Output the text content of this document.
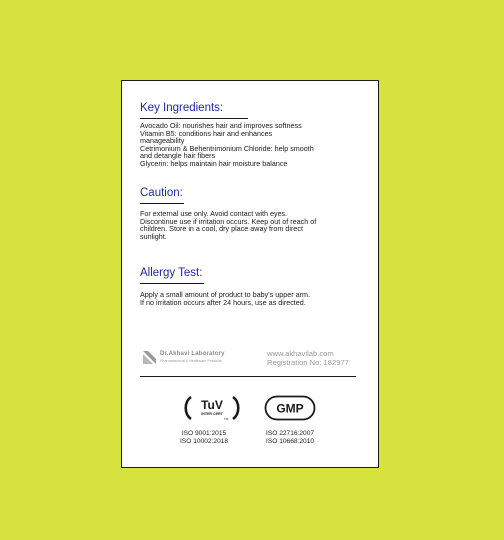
Key Ingredients:
Avocado Oil: nourishes hair and improves softness
Vitamin B5: conditions hair and enhances
manageability
Cetrimonium & Behentrimonium Chloride: help smooth
and detangle hair fibers
Glycerin: helps maintain hair moisture balance
Caution:
For external use only. Avoid contact with eyes.
Discontinue use if irritation occurs. Keep out of reach of
children. Store in a cool, dry place away from direct
sunlight.
Allergy Test:
Apply a small amount of product to baby's upper arm.
If no irritation occurs after 24 hours, use as directed.
Dr.Akhavi Laboratory
Pharmaceutical & Healthcare Products
www.akhavilab.com
Registration No: 182977
TuV
INTER CERT
TM
GMP
ISO 9001:2015
ISO 10002:2018
ISO 22716:2007
ISO 10668:2010
